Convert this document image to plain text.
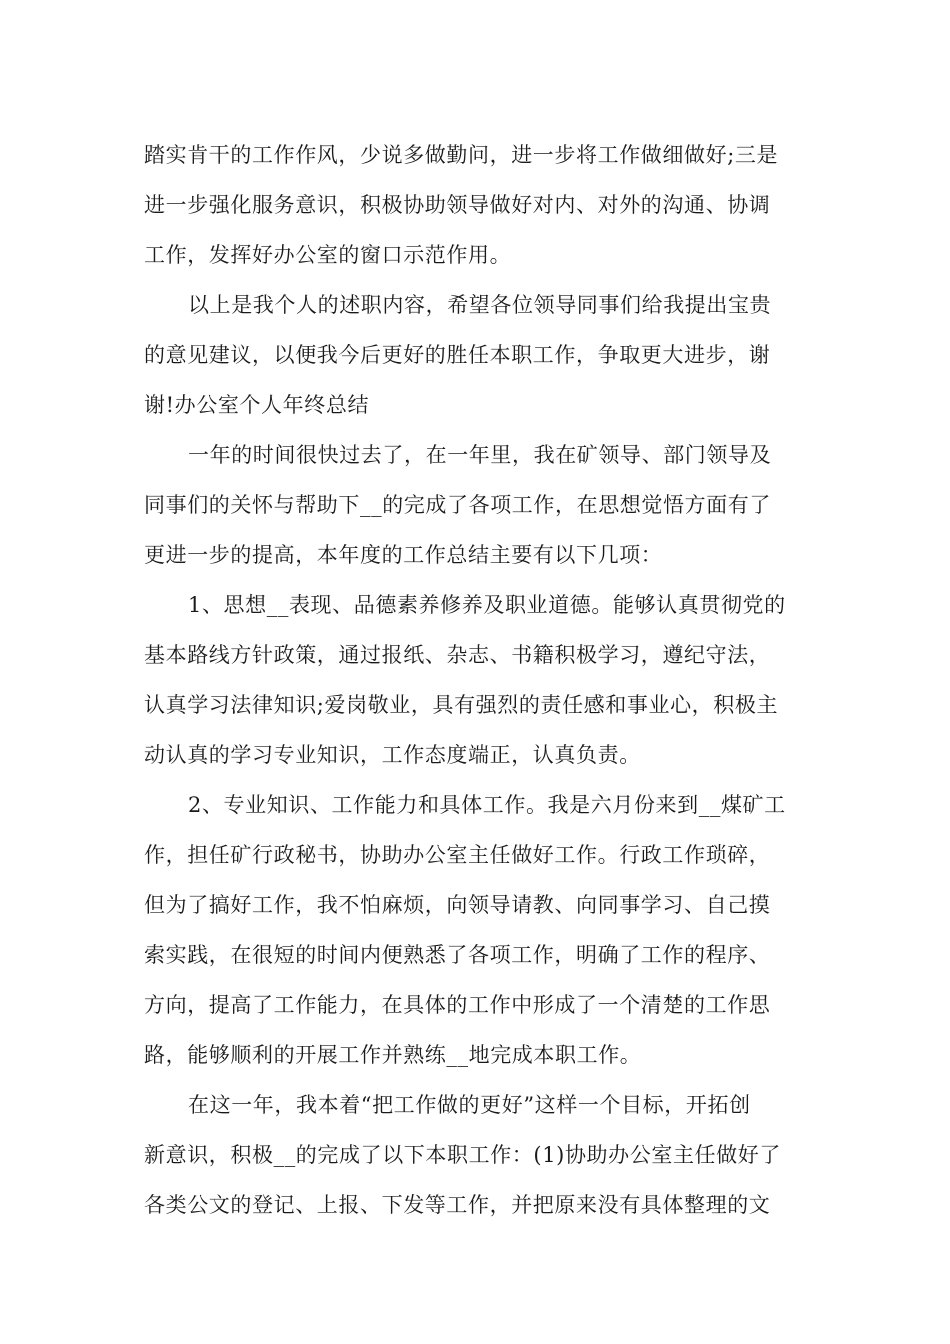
踏实肯干的工作作风，少说多做勤问，进一步将工作做细做好;三是
进一步强化服务意识，积极协助领导做好对内、对外的沟通、协调
工作，发挥好办公室的窗口示范作用。

以上是我个人的述职内容，希望各位领导同事们给我提出宝贵
的意见建议，以便我今后更好的胜任本职工作，争取更大进步，谢
谢!办公室个人年终总结

一年的时间很快过去了，在一年里，我在矿领导、部门领导及
同事们的关怀与帮助下__的完成了各项工作，在思想觉悟方面有了
更进一步的提高，本年度的工作总结主要有以下几项：

1、思想__表现、品德素养修养及职业道德。能够认真贯彻党的
基本路线方针政策，通过报纸、杂志、书籍积极学习，遵纪守法，
认真学习法律知识;爱岗敬业，具有强烈的责任感和事业心，积极主
动认真的学习专业知识，工作态度端正，认真负责。

2、专业知识、工作能力和具体工作。我是六月份来到__煤矿工
作，担任矿行政秘书，协助办公室主任做好工作。行政工作琐碎，
但为了搞好工作，我不怕麻烦，向领导请教、向同事学习、自己摸
索实践，在很短的时间内便熟悉了各项工作，明确了工作的程序、
方向，提高了工作能力，在具体的工作中形成了一个清楚的工作思
路，能够顺利的开展工作并熟练__地完成本职工作。

在这一年，我本着“把工作做的更好”这样一个目标，开拓创
新意识，积极__的完成了以下本职工作：(1)协助办公室主任做好了
各类公文的登记、上报、下发等工作，并把原来没有具体整理的文
